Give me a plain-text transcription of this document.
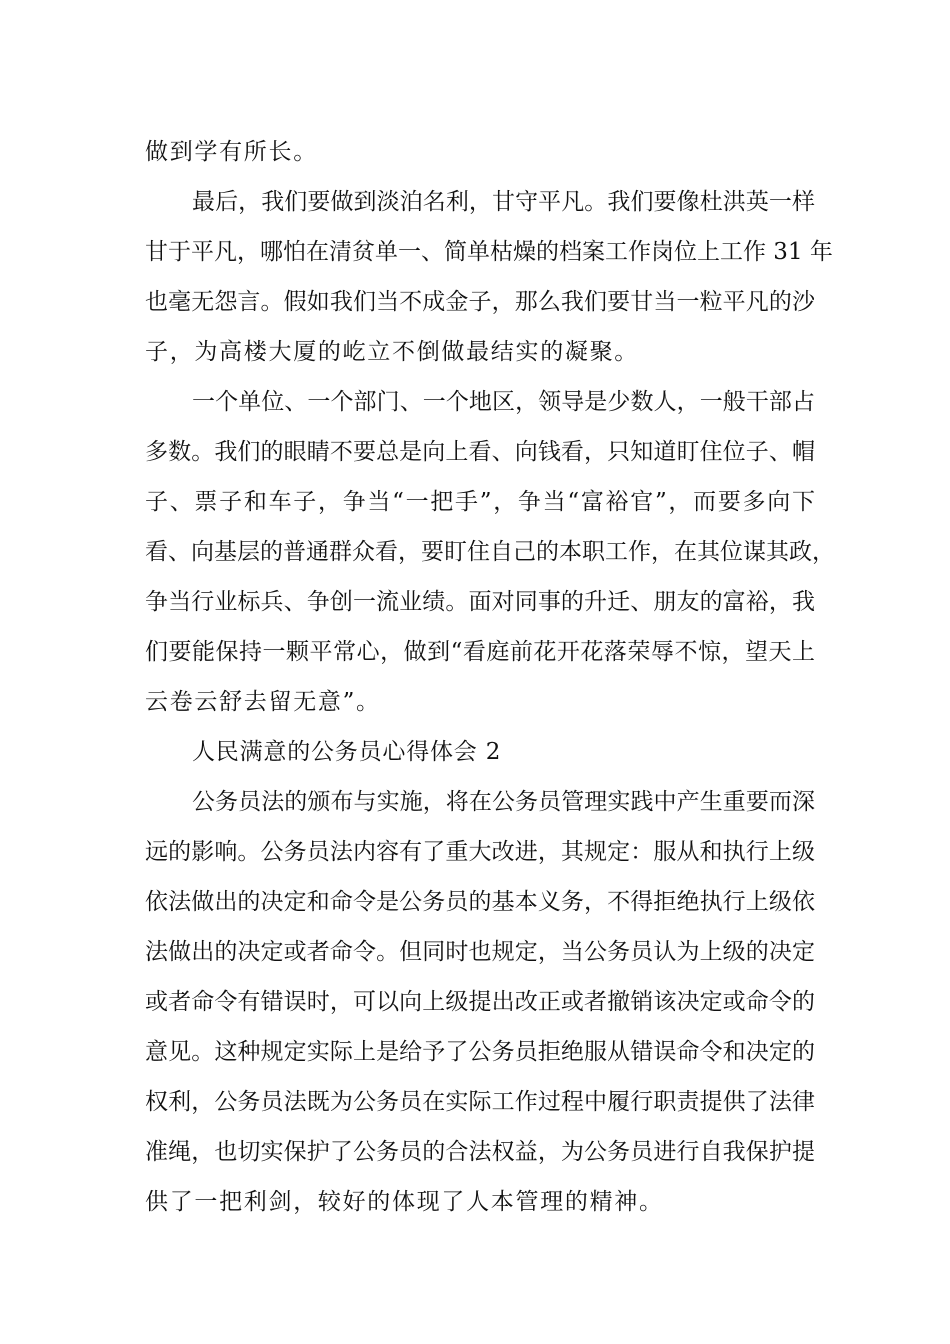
做到学有所长。
最后，我们要做到淡泊名利，甘守平凡。我们要像杜洪英一样
甘于平凡，哪怕在清贫单一、简单枯燥的档案工作岗位上工作 31 年
也毫无怨言。假如我们当不成金子，那么我们要甘当一粒平凡的沙
子，为高楼大厦的屹立不倒做最结实的凝聚。
一个单位、一个部门、一个地区，领导是少数人，一般干部占
多数。我们的眼睛不要总是向上看、向钱看，只知道盯住位子、帽
子、票子和车子，争当“一把手”，争当“富裕官”，而要多向下
看、向基层的普通群众看，要盯住自己的本职工作，在其位谋其政，
争当行业标兵、争创一流业绩。面对同事的升迁、朋友的富裕，我
们要能保持一颗平常心，做到“看庭前花开花落荣辱不惊，望天上
云卷云舒去留无意”。
人民满意的公务员心得体会 2
公务员法的颁布与实施，将在公务员管理实践中产生重要而深
远的影响。公务员法内容有了重大改进，其规定：服从和执行上级
依法做出的决定和命令是公务员的基本义务，不得拒绝执行上级依
法做出的决定或者命令。但同时也规定，当公务员认为上级的决定
或者命令有错误时，可以向上级提出改正或者撤销该决定或命令的
意见。这种规定实际上是给予了公务员拒绝服从错误命令和决定的
权利，公务员法既为公务员在实际工作过程中履行职责提供了法律
准绳，也切实保护了公务员的合法权益，为公务员进行自我保护提
供了一把利剑，较好的体现了人本管理的精神。
